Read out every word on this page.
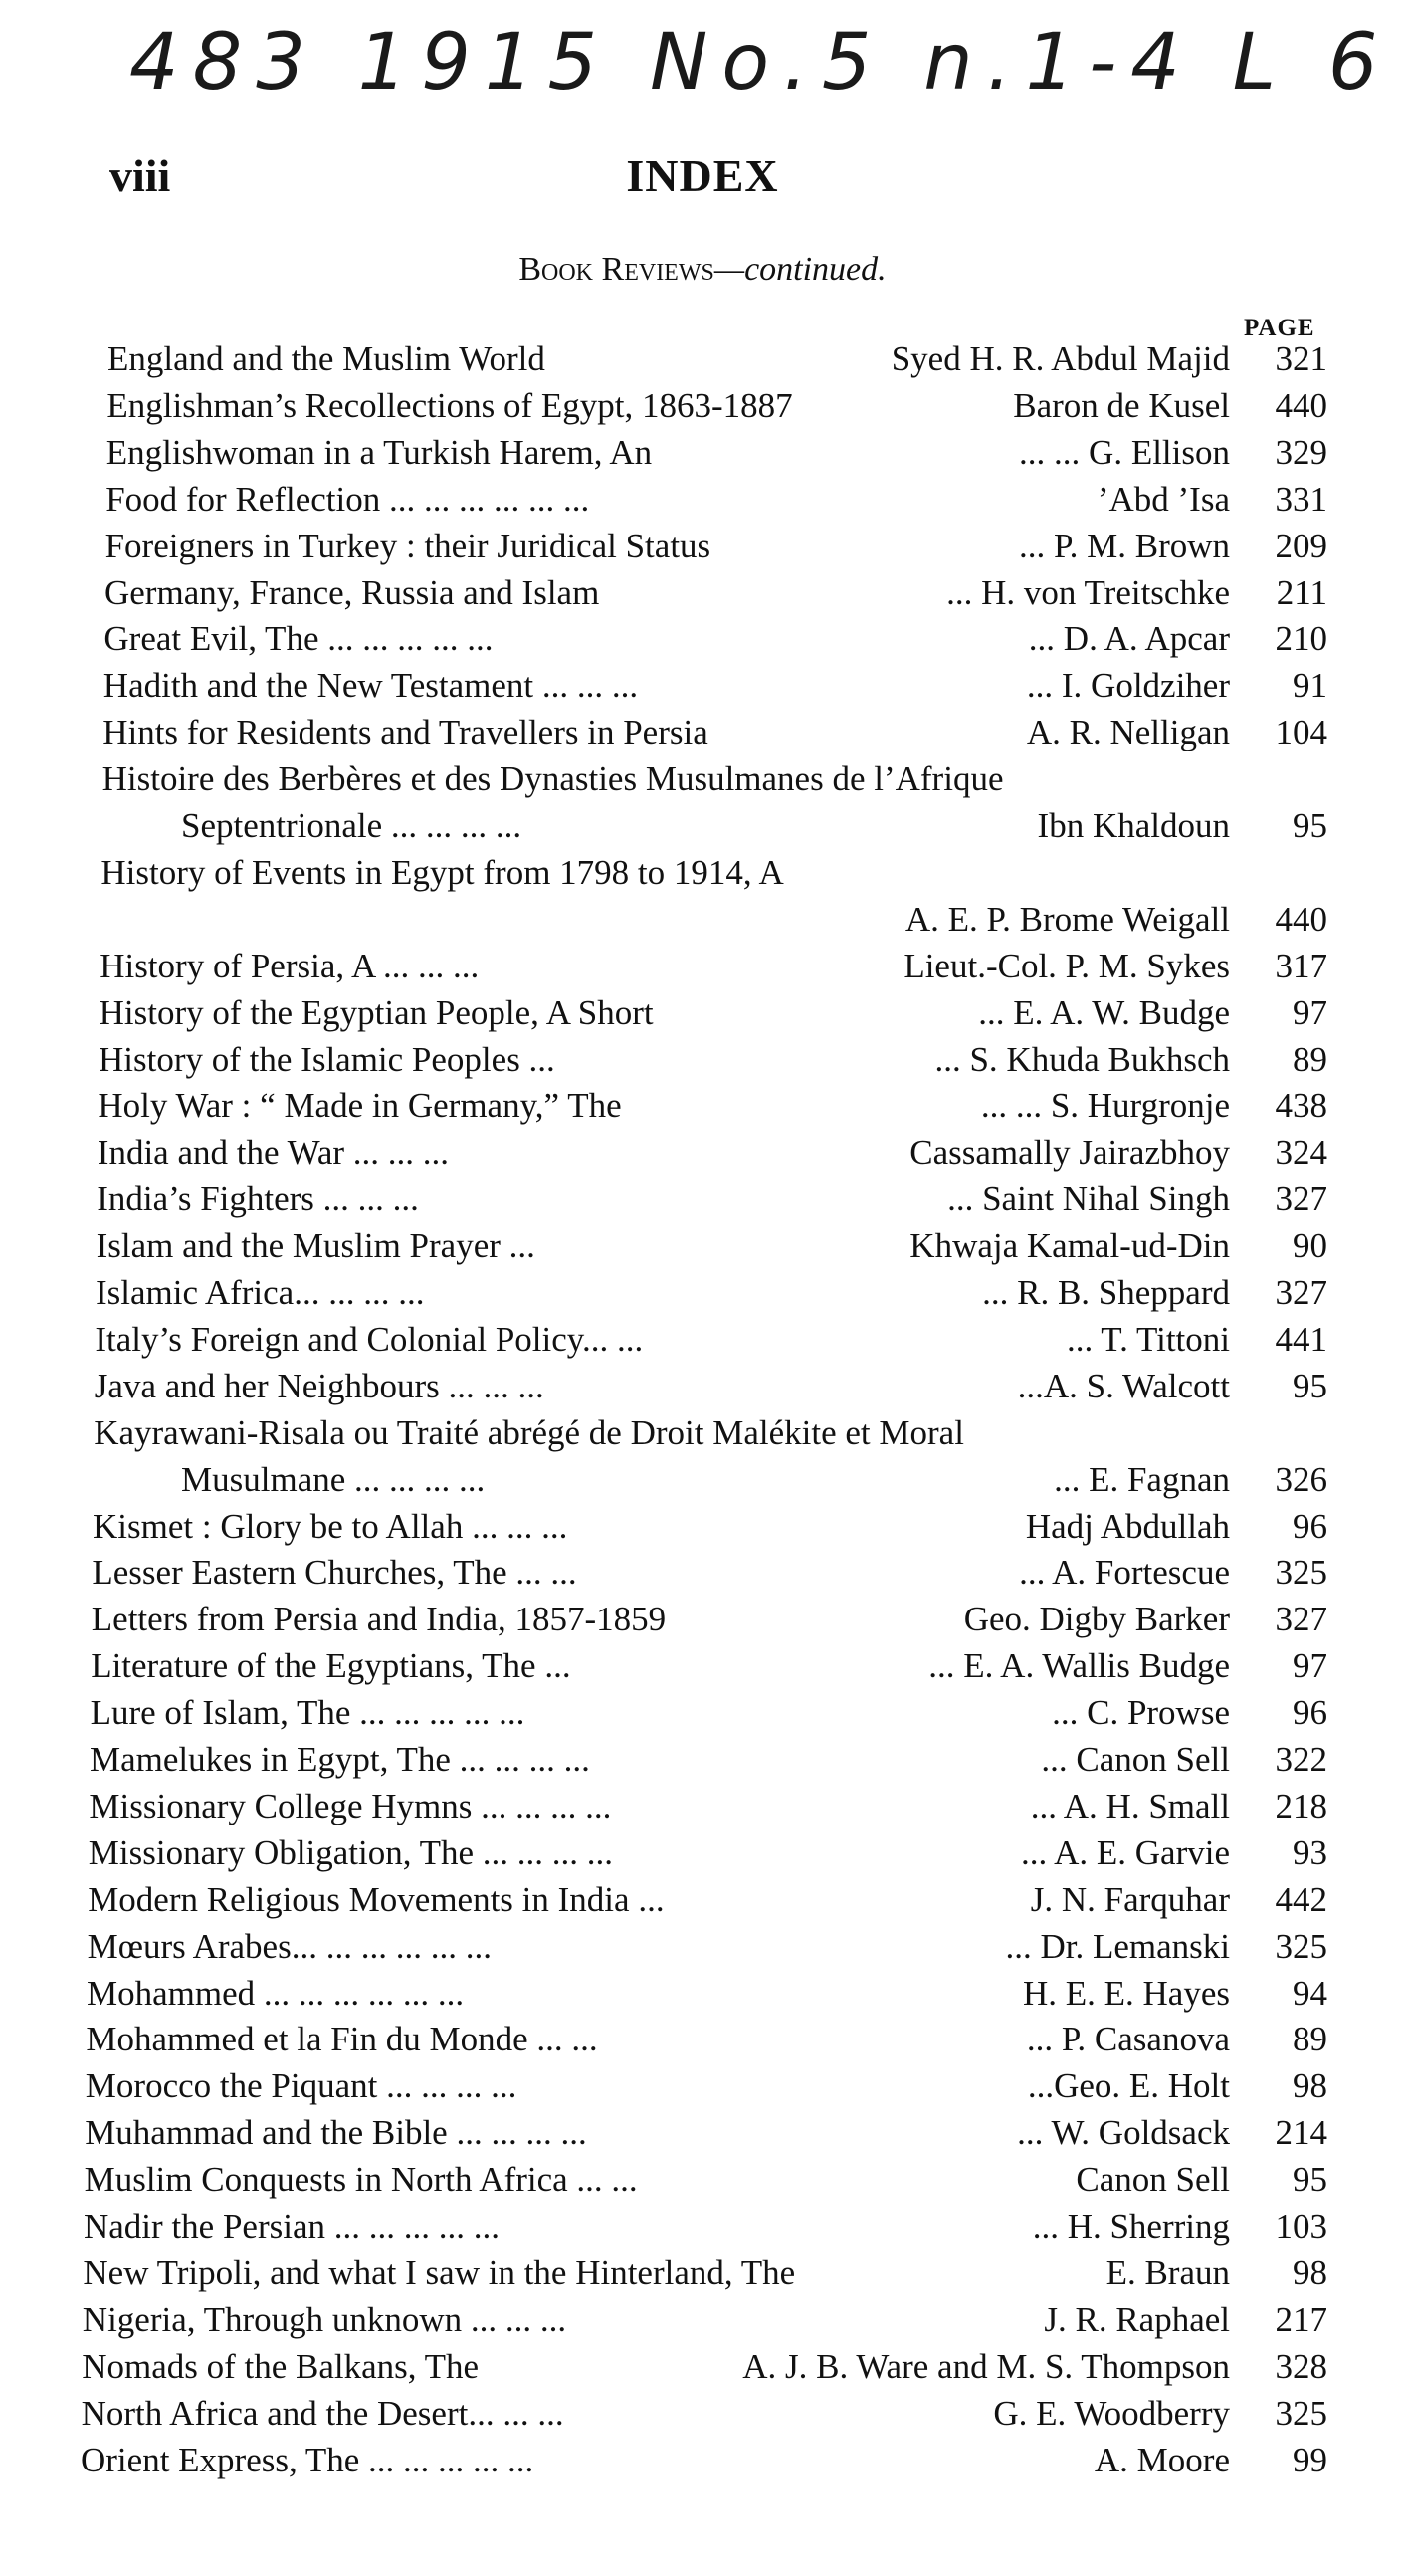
483 1915 No.5 n.1-4 L 6
viii	INDEX
Book Reviews—continued.
PAGE
England and the Muslim World	Syed H. R. Abdul Majid	321
Englishman’s Recollections of Egypt, 1863-1887	Baron de Kusel	440
Englishwoman in a Turkish Harem, An	... ... G. Ellison	329
Food for Reflection ... ... ... ... ... ...	’Abd ’Isa	331
Foreigners in Turkey : their Juridical Status	... P. M. Brown	209
Germany, France, Russia and Islam	... H. von Treitschke	211
Great Evil, The ... ... ... ... ...	... D. A. Apcar	210
Hadith and the New Testament ... ... ...	... I. Goldziher	91
Hints for Residents and Travellers in Persia	A. R. Nelligan	104
Histoire des Berbères et des Dynasties Musulmanes de l’Afrique
Septentrionale ... ... ... ...	Ibn Khaldoun	95
History of Events in Egypt from 1798 to 1914, A
A. E. P. Brome Weigall	440
History of Persia, A ... ... ...	Lieut.-Col. P. M. Sykes	317
History of the Egyptian People, A Short	... E. A. W. Budge	97
History of the Islamic Peoples ...	... S. Khuda Bukhsch	89
Holy War : “ Made in Germany,” The	... ... S. Hurgronje	438
India and the War ... ... ...	Cassamally Jairazbhoy	324
India’s Fighters ... ... ...	... Saint Nihal Singh	327
Islam and the Muslim Prayer ...	Khwaja Kamal-ud-Din	90
Islamic Africa... ... ... ...	... R. B. Sheppard	327
Italy’s Foreign and Colonial Policy... ...	... T. Tittoni	441
Java and her Neighbours ... ... ...	...A. S. Walcott	95
Kayrawani-Risala ou Traité abrégé de Droit Malékite et Moral
Musulmane ... ... ... ...	... E. Fagnan	326
Kismet : Glory be to Allah ... ... ...	Hadj Abdullah	96
Lesser Eastern Churches, The ... ...	... A. Fortescue	325
Letters from Persia and India, 1857-1859	Geo. Digby Barker	327
Literature of the Egyptians, The ...	... E. A. Wallis Budge	97
Lure of Islam, The ... ... ... ... ...	... C. Prowse	96
Mamelukes in Egypt, The ... ... ... ...	... Canon Sell	322
Missionary College Hymns ... ... ... ...	... A. H. Small	218
Missionary Obligation, The ... ... ... ...	... A. E. Garvie	93
Modern Religious Movements in India ...	J. N. Farquhar	442
Mœurs Arabes... ... ... ... ... ...	... Dr. Lemanski	325
Mohammed ... ... ... ... ... ...	H. E. E. Hayes	94
Mohammed et la Fin du Monde ... ...	... P. Casanova	89
Morocco the Piquant ... ... ... ...	...Geo. E. Holt	98
Muhammad and the Bible ... ... ... ...	... W. Goldsack	214
Muslim Conquests in North Africa ... ...	Canon Sell	95
Nadir the Persian ... ... ... ... ...	... H. Sherring	103
New Tripoli, and what I saw in the Hinterland, The	E. Braun	98
Nigeria, Through unknown ... ... ...	J. R. Raphael	217
Nomads of the Balkans, The	A. J. B. Ware and M. S. Thompson	328
North Africa and the Desert... ... ...	G. E. Woodberry	325
Orient Express, The ... ... ... ... ...	A. Moore	99
